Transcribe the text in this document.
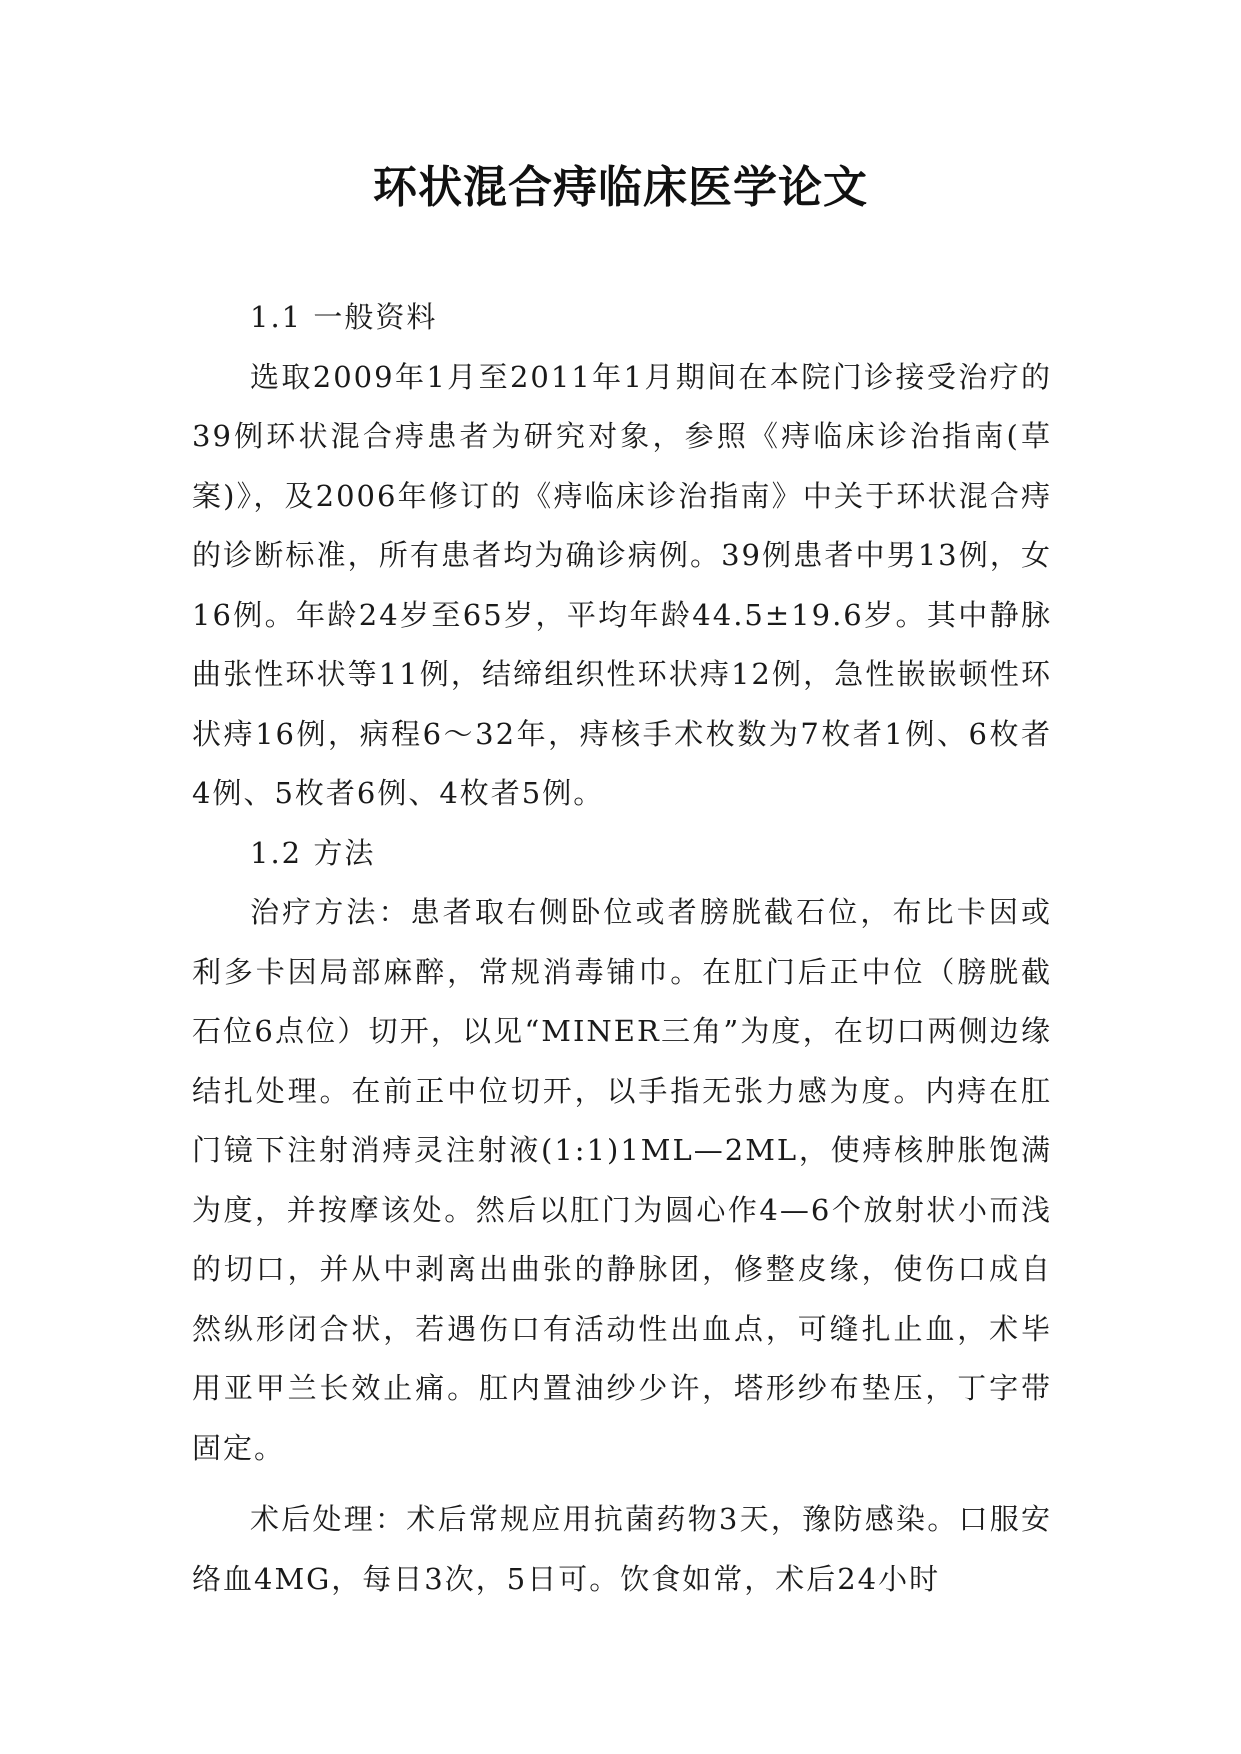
环状混合痔临床医学论文

1.1 一般资料

选取2009年1月至2011年1月期间在本院门诊接受治疗的39例环状混合痔患者为研究对象，参照《痔临床诊治指南(草案)》，及2006年修订的《痔临床诊治指南》中关于环状混合痔的诊断标准，所有患者均为确诊病例。39例患者中男13例，女16例。年龄24岁至65岁，平均年龄44.5±19.6岁。其中静脉曲张性环状等11例，结缔组织性环状痔12例，急性嵌嵌顿性环状痔16例，病程6～32年，痔核手术枚数为7枚者1例、6枚者4例、5枚者6例、4枚者5例。

1.2 方法

治疗方法：患者取右侧卧位或者膀胱截石位，布比卡因或利多卡因局部麻醉，常规消毒铺巾。在肛门后正中位（膀胱截石位6点位）切开，以见“MINER三角”为度，在切口两侧边缘结扎处理。在前正中位切开，以手指无张力感为度。内痔在肛门镜下注射消痔灵注射液(1:1)1ML—2ML，使痔核肿胀饱满为度，并按摩该处。然后以肛门为圆心作4—6个放射状小而浅的切口，并从中剥离出曲张的静脉团，修整皮缘，使伤口成自然纵形闭合状，若遇伤口有活动性出血点，可缝扎止血，术毕用亚甲兰长效止痛。肛内置油纱少许，塔形纱布垫压，丁字带固定。

术后处理：术后常规应用抗菌药物3天，豫防感染。口服安络血4MG，每日3次，5日可。饮食如常，术后24小时
